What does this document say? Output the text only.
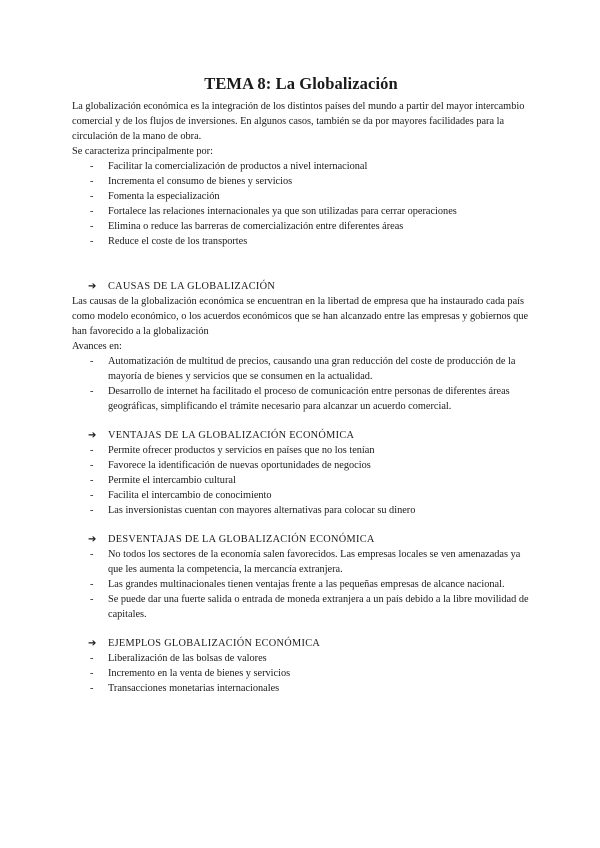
TEMA 8: La Globalización

La globalización económica es la integración de los distintos países del mundo a partir del mayor intercambio comercial y de los flujos de inversiones. En algunos casos, también se da por mayores facilidades para la circulación de la mano de obra.

Se caracteriza principalmente por:

- Facilitar la comercialización de productos a nivel internacional
- Incrementa el consumo de bienes y servicios
- Fomenta la especialización
- Fortalece las relaciones internacionales ya que son utilizadas para cerrar operaciones
- Elimina o reduce las barreras de comercialización entre diferentes áreas
- Reduce el coste de los transportes
➔ CAUSAS DE LA GLOBALIZACIÓN

Las causas de la globalización económica se encuentran en la libertad de empresa que ha instaurado cada país como modelo económico, o los acuerdos económicos que se han alcanzado entre las empresas y gobiernos que han favorecido a la globalización

Avances en:

- Automatización de multitud de precios, causando una gran reducción del coste de producción de la mayoría de bienes y servicios que se consumen en la actualidad.
- Desarrollo de internet ha facilitado el proceso de comunicación entre personas de diferentes áreas geográficas, simplificando el trámite necesario para alcanzar un acuerdo comercial.
➔ VENTAJAS DE LA GLOBALIZACIÓN ECONÓMICA
- Permite ofrecer productos y servicios en países que no los tenían
- Favorece la identificación de nuevas oportunidades de negocios
- Permite el intercambio cultural
- Facilita el intercambio de conocimiento
- Las inversionistas cuentan con mayores alternativas para colocar su dinero
➔ DESVENTAJAS DE LA GLOBALIZACIÓN ECONÓMICA
- No todos los sectores de la economía salen favorecidos. Las empresas locales se ven amenazadas ya que les aumenta la competencia, la mercancía extranjera.
- Las grandes multinacionales tienen ventajas frente a las pequeñas empresas de alcance nacional.
- Se puede dar una fuerte salida o entrada de moneda extranjera a un país debido a la libre movilidad de capitales.
➔ EJEMPLOS GLOBALIZACIÓN ECONÓMICA
- Liberalización de las bolsas de valores
- Incremento en la venta de bienes y servicios
- Transacciones monetarias internacionales
